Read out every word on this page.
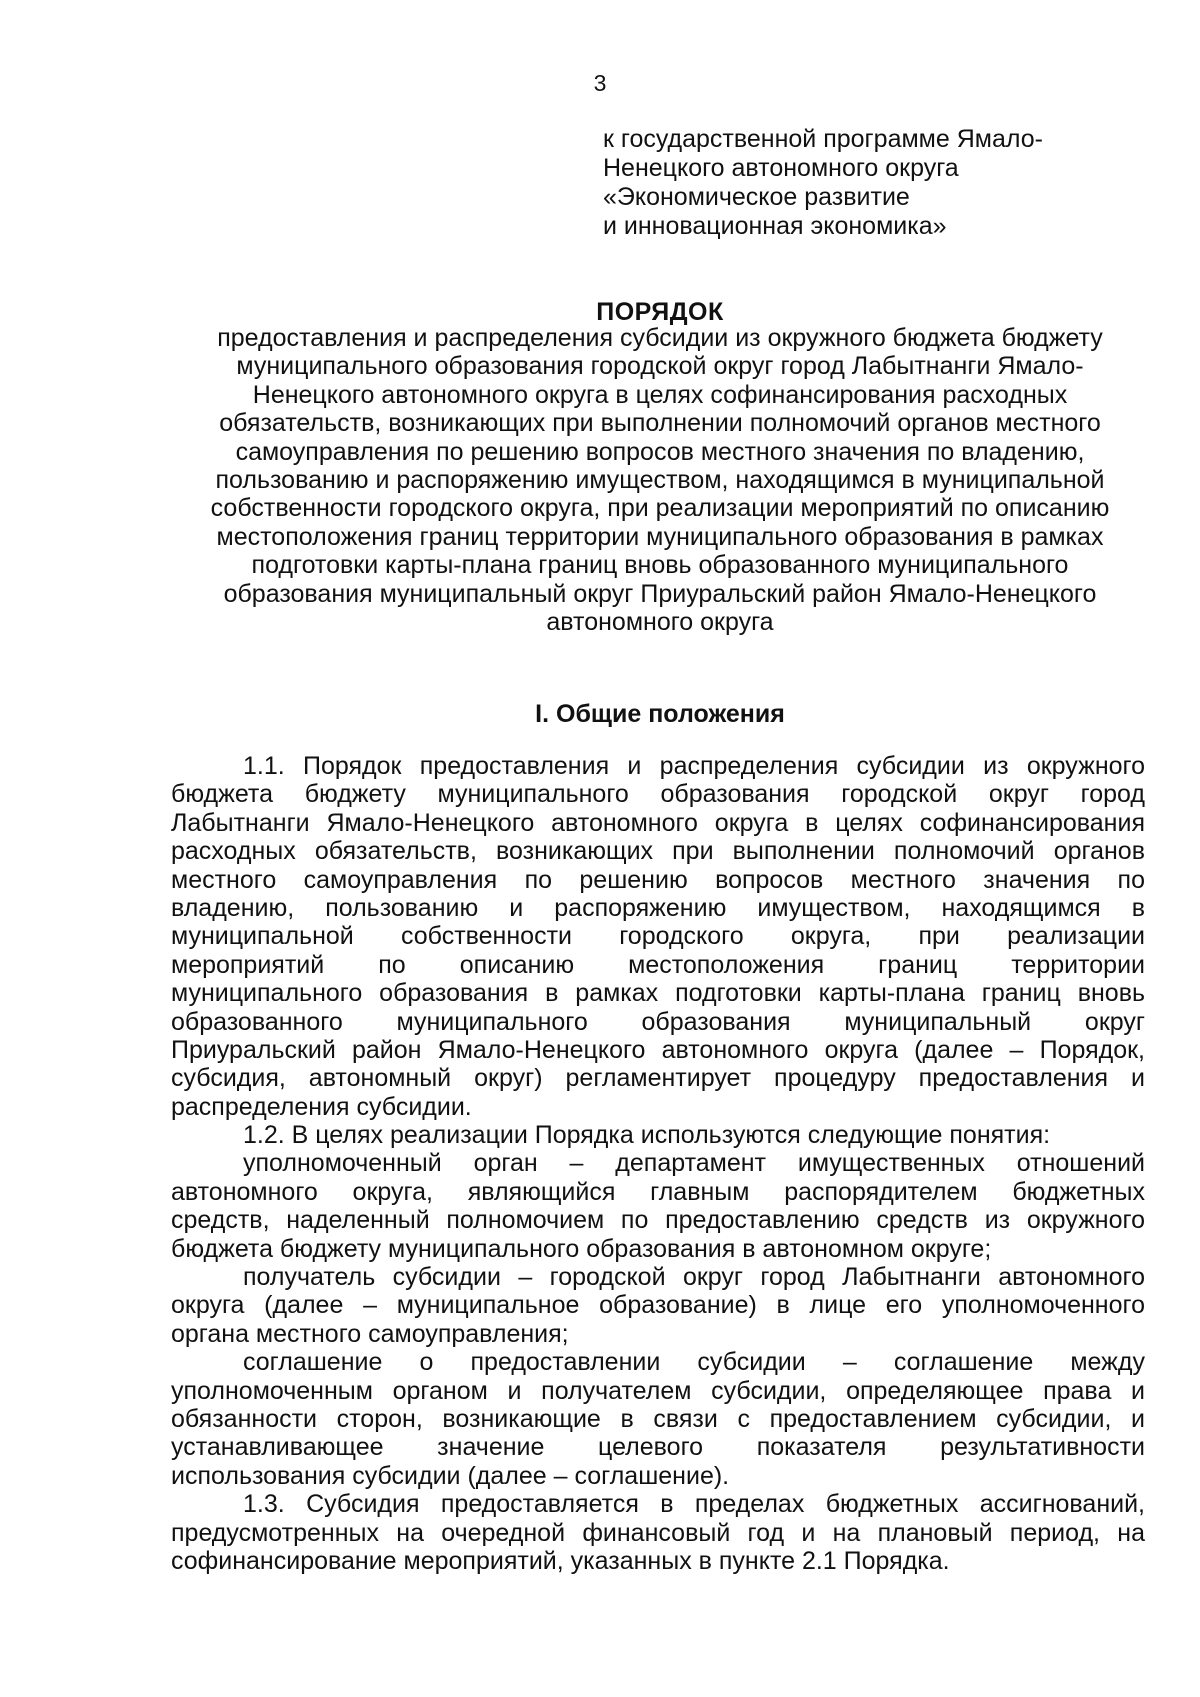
3
к государственной программе Ямало-
Ненецкого автономного округа
«Экономическое развитие
и инновационная экономика»
ПОРЯДОК
предоставления и распределения субсидии из окружного бюджета бюджету
муниципального образования городской округ город Лабытнанги Ямало-
Ненецкого автономного округа в целях софинансирования расходных
обязательств, возникающих при выполнении полномочий органов местного
самоуправления по решению вопросов местного значения по владению,
пользованию и распоряжению имуществом, находящимся в муниципальной
собственности городского округа, при реализации мероприятий по описанию
местоположения границ территории муниципального образования в рамках
подготовки карты-плана границ вновь образованного муниципального
образования муниципальный округ Приуральский район Ямало-Ненецкого
автономного округа
I. Общие положения
1.1. Порядок предоставления и распределения субсидии из окружного
бюджета бюджету муниципального образования городской округ город
Лабытнанги Ямало-Ненецкого автономного округа в целях софинансирования
расходных обязательств, возникающих при выполнении полномочий органов
местного самоуправления по решению вопросов местного значения по
владению, пользованию и распоряжению имуществом, находящимся в
муниципальной собственности городского округа, при реализации
мероприятий по описанию местоположения границ территории
муниципального образования в рамках подготовки карты-плана границ вновь
образованного муниципального образования муниципальный округ
Приуральский район Ямало-Ненецкого автономного округа (далее – Порядок,
субсидия, автономный округ) регламентирует процедуру предоставления и
распределения субсидии.
1.2. В целях реализации Порядка используются следующие понятия:
уполномоченный орган – департамент имущественных отношений
автономного округа, являющийся главным распорядителем бюджетных
средств, наделенный полномочием по предоставлению средств из окружного
бюджета бюджету муниципального образования в автономном округе;
получатель субсидии – городской округ город Лабытнанги автономного
округа (далее – муниципальное образование) в лице его уполномоченного
органа местного самоуправления;
соглашение о предоставлении субсидии – соглашение между
уполномоченным органом и получателем субсидии, определяющее права и
обязанности сторон, возникающие в связи с предоставлением субсидии, и
устанавливающее значение целевого показателя результативности
использования субсидии (далее – соглашение).
1.3. Субсидия предоставляется в пределах бюджетных ассигнований,
предусмотренных на очередной финансовый год и на плановый период, на
софинансирование мероприятий, указанных в пункте 2.1 Порядка.
